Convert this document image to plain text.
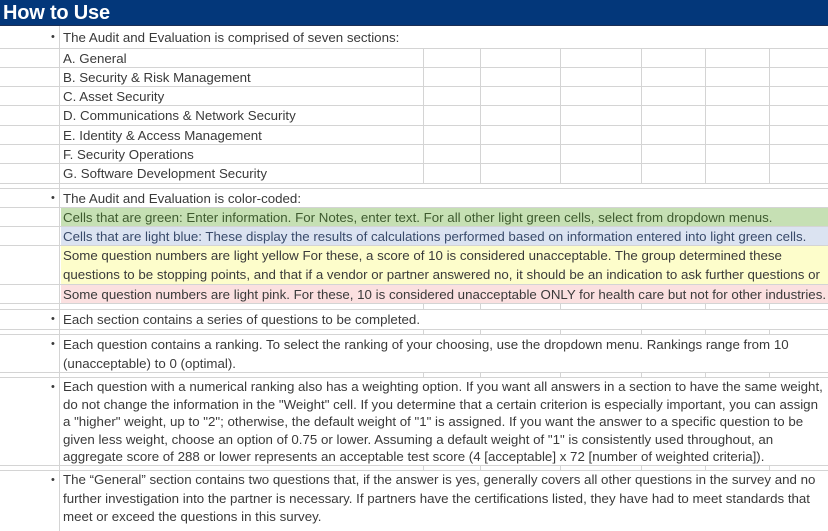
How to Use
• The Audit and Evaluation is comprised of seven sections:
A. General
B. Security & Risk Management
C. Asset Security
D. Communications & Network Security
E. Identity & Access Management
F. Security Operations
G. Software Development Security
• The Audit and Evaluation is color-coded:
Cells that are green: Enter information. For Notes, enter text. For all other light green cells, select from dropdown menus.
Cells that are light blue: These display the results of calculations performed based on information entered into light green cells.
Some question numbers are light yellow For these, a score of 10 is considered unacceptable. The group determined these
questions to be stopping points, and that if a vendor or partner answered no, it should be an indication to ask further questions or
Some question numbers are light pink. For these, 10 is considered unacceptable ONLY for health care but not for other industries.
• Each section contains a series of questions to be completed.
• Each question contains a ranking. To select the ranking of your choosing, use the dropdown menu. Rankings range from 10 (unacceptable) to 0 (optimal).
• Each question with a numerical ranking also has a weighting option. If you want all answers in a section to have the same weight, do not change the information in the "Weight" cell. If you determine that a certain criterion is especially important, you can assign a "higher" weight, up to "2"; otherwise, the default weight of "1" is assigned. If you want the answer to a specific question to be given less weight, choose an option of 0.75 or lower. Assuming a default weight of "1" is consistently used throughout, an aggregate score of 288 or lower represents an acceptable test score (4 [acceptable] x 72 [number of weighted criteria]).
• The “General” section contains two questions that, if the answer is yes, generally covers all other questions in the survey and no further investigation into the partner is necessary. If partners have the certifications listed, they have had to meet standards that meet or exceed the questions in this survey.
